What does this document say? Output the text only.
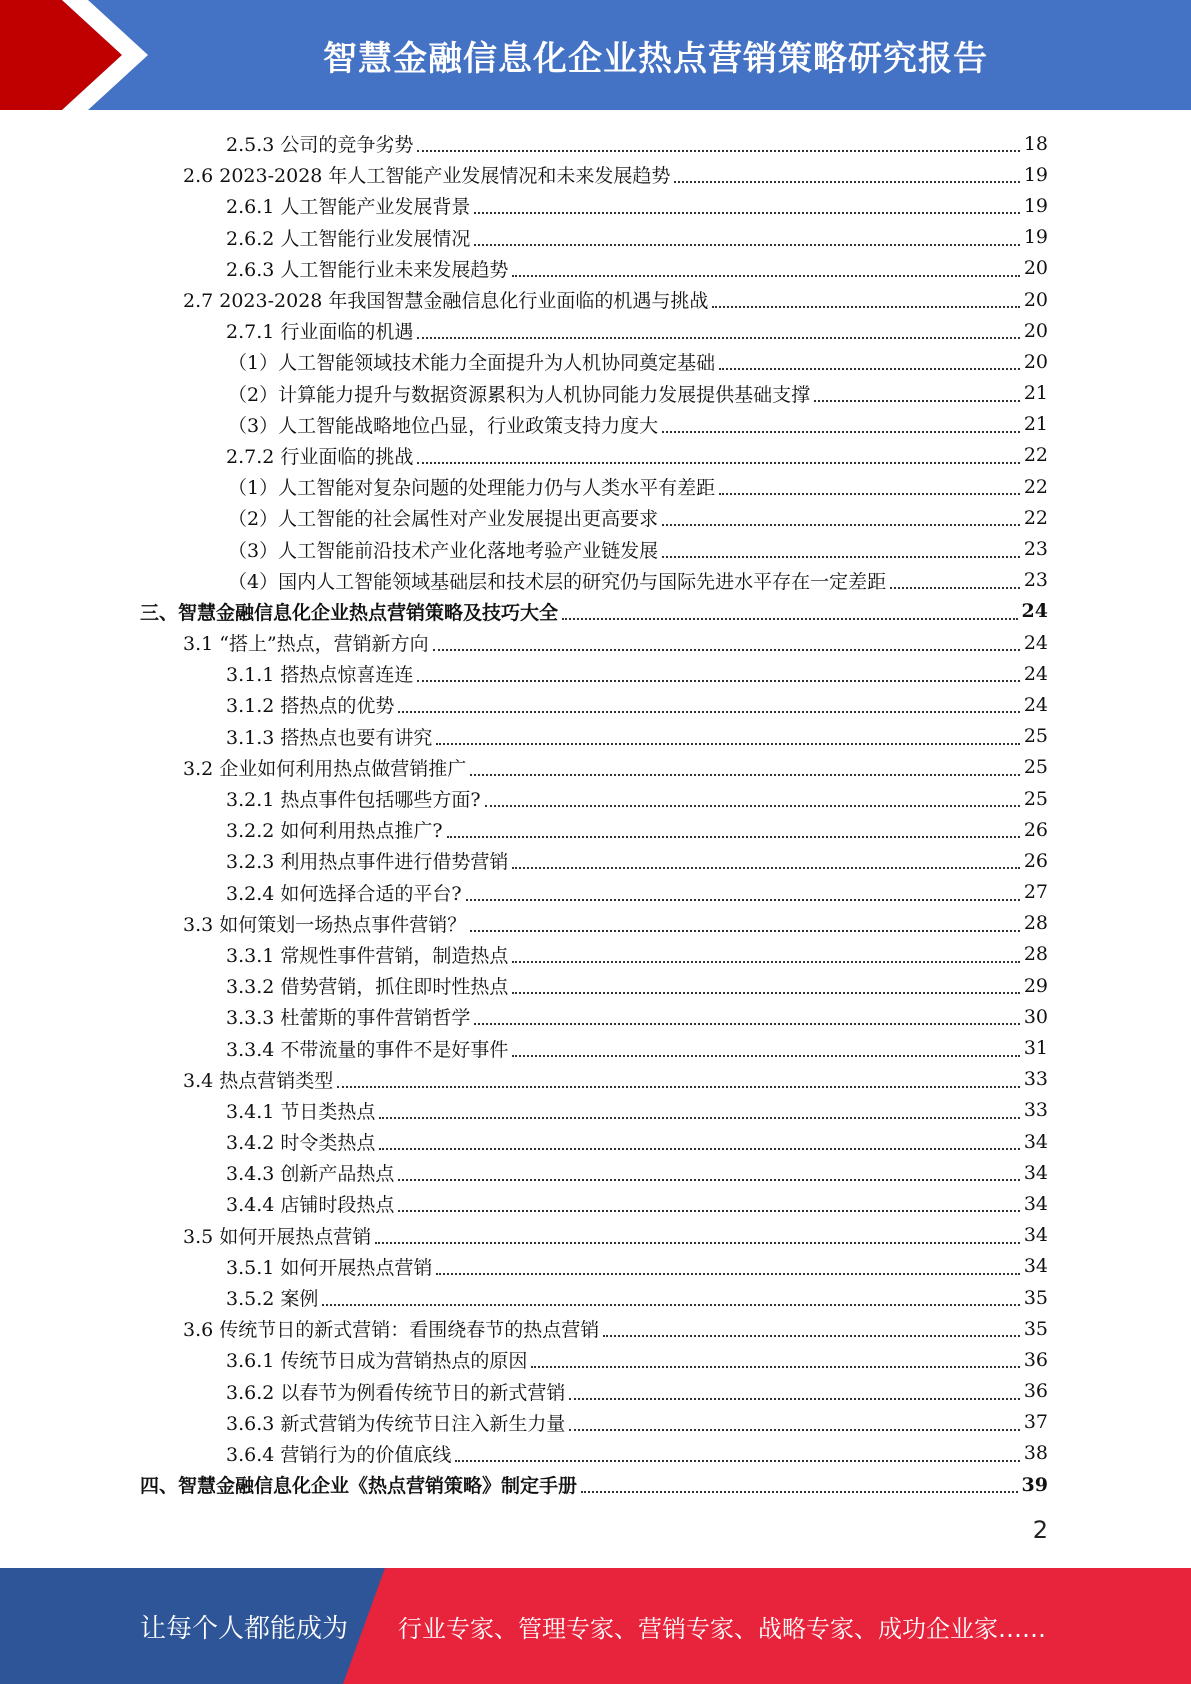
智慧金融信息化企业热点营销策略研究报告
2.5.3 公司的竞争劣势	18
2.6 2023-2028 年人工智能产业发展情况和未来发展趋势	19
2.6.1 人工智能产业发展背景	19
2.6.2 人工智能行业发展情况	19
2.6.3 人工智能行业未来发展趋势	20
2.7 2023-2028 年我国智慧金融信息化行业面临的机遇与挑战	20
2.7.1 行业面临的机遇	20
（1）人工智能领域技术能力全面提升为人机协同奠定基础	20
（2）计算能力提升与数据资源累积为人机协同能力发展提供基础支撑	21
（3）人工智能战略地位凸显，行业政策支持力度大	21
2.7.2 行业面临的挑战	22
（1）人工智能对复杂问题的处理能力仍与人类水平有差距	22
（2）人工智能的社会属性对产业发展提出更高要求	22
（3）人工智能前沿技术产业化落地考验产业链发展	23
（4）国内人工智能领域基础层和技术层的研究仍与国际先进水平存在一定差距	23
三、智慧金融信息化企业热点营销策略及技巧大全	24
3.1 “搭上”热点，营销新方向	24
3.1.1 搭热点惊喜连连	24
3.1.2 搭热点的优势	24
3.1.3 搭热点也要有讲究	25
3.2 企业如何利用热点做营销推广	25
3.2.1 热点事件包括哪些方面?	25
3.2.2 如何利用热点推广?	26
3.2.3 利用热点事件进行借势营销	26
3.2.4 如何选择合适的平台?	27
3.3 如何策划一场热点事件营销？	28
3.3.1 常规性事件营销，制造热点	28
3.3.2 借势营销，抓住即时性热点	29
3.3.3 杜蕾斯的事件营销哲学	30
3.3.4 不带流量的事件不是好事件	31
3.4 热点营销类型	33
3.4.1 节日类热点	33
3.4.2 时令类热点	34
3.4.3 创新产品热点	34
3.4.4 店铺时段热点	34
3.5 如何开展热点营销	34
3.5.1 如何开展热点营销	34
3.5.2 案例	35
3.6 传统节日的新式营销：看围绕春节的热点营销	35
3.6.1 传统节日成为营销热点的原因	36
3.6.2 以春节为例看传统节日的新式营销	36
3.6.3 新式营销为传统节日注入新生力量	37
3.6.4 营销行为的价值底线	38
四、智慧金融信息化企业《热点营销策略》制定手册	39
2
让每个人都能成为 行业专家、管理专家、营销专家、战略专家、成功企业家……
